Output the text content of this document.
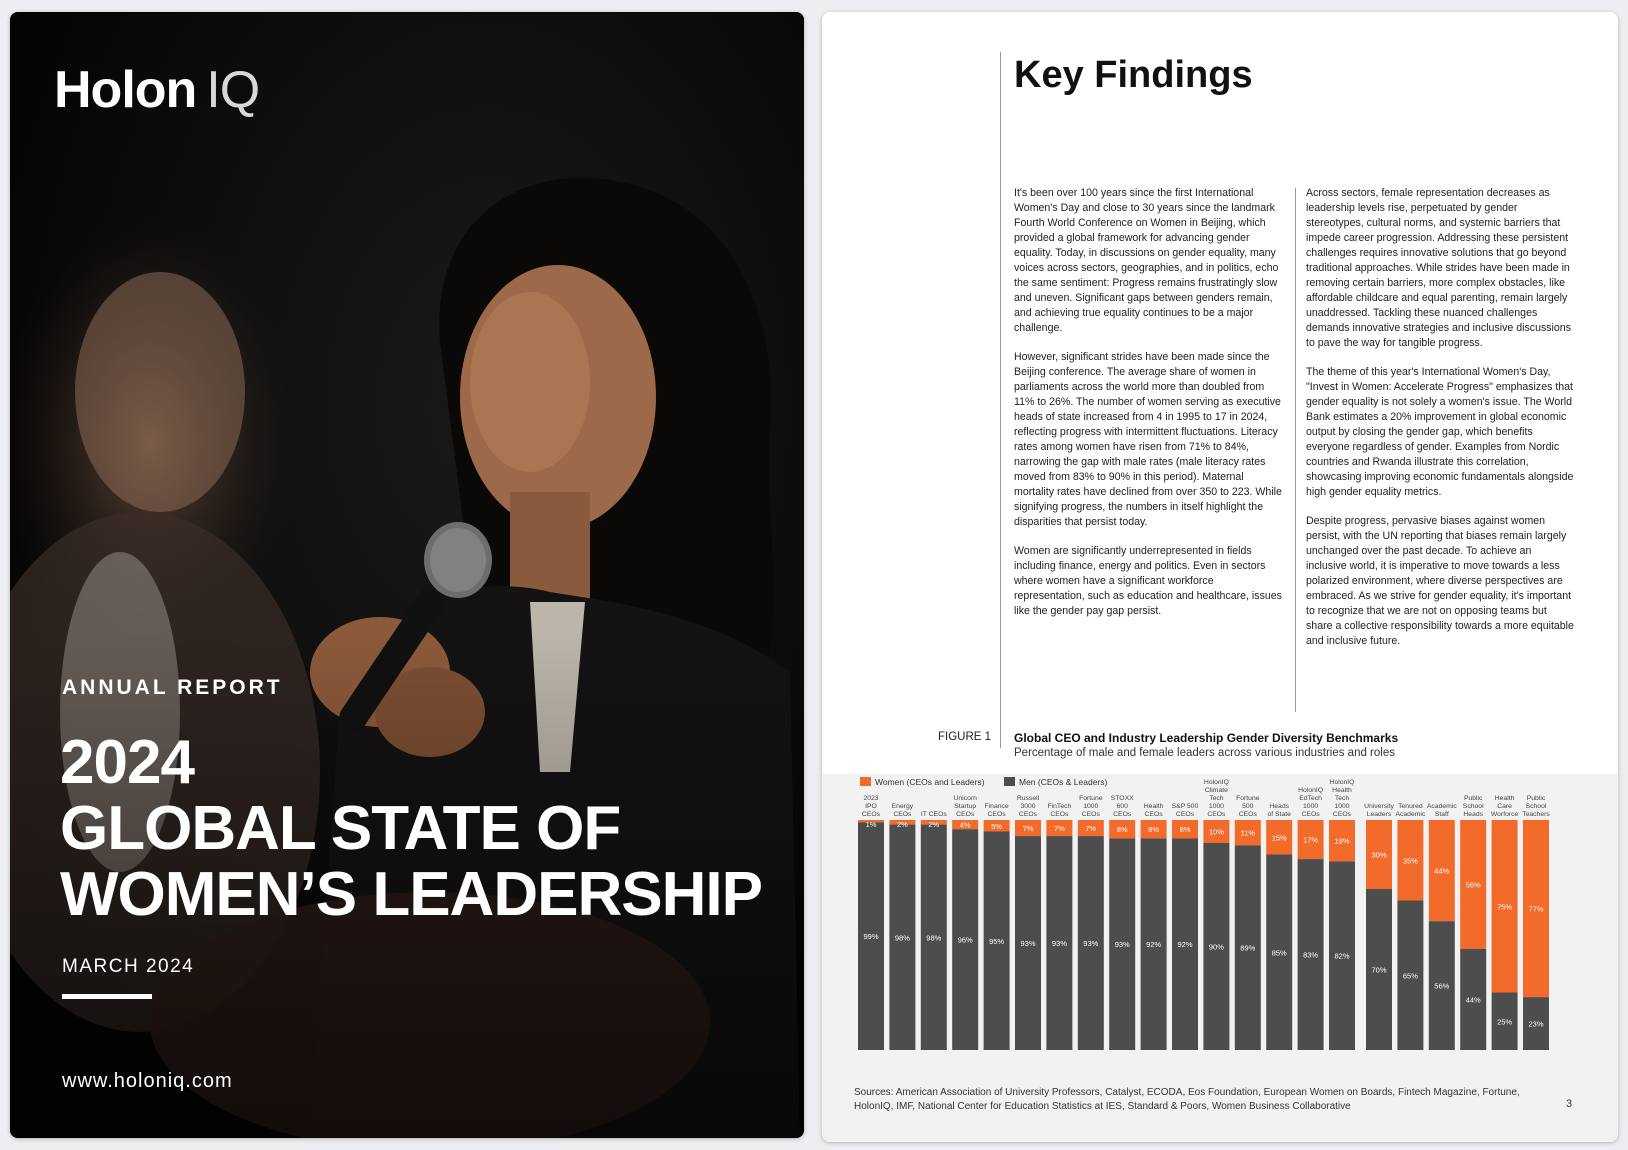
Holon IQ
ANNUAL REPORT
2024
GLOBAL STATE OF
WOMEN’S LEADERSHIP
MARCH 2024
www.holoniq.com
Key Findings

It's been over 100 years since the first International Women's Day and close to 30 years since the landmark Fourth World Conference on Women in Beijing, which provided a global framework for advancing gender equality. Today, in discussions on gender equality, many voices across sectors, geographies, and in politics, echo the same sentiment: Progress remains frustratingly slow and uneven. Significant gaps between genders remain, and achieving true equality continues to be a major challenge.

However, significant strides have been made since the Beijing conference. The average share of women in parliaments across the world more than doubled from 11% to 26%. The number of women serving as executive heads of state increased from 4 in 1995 to 17 in 2024, reflecting progress with intermittent fluctuations. Literacy rates among women have risen from 71% to 84%, narrowing the gap with male rates (male literacy rates moved from 83% to 90% in this period). Maternal mortality rates have declined from over 350 to 223. While signifying progress, the numbers in itself highlight the disparities that persist today.

Women are significantly underrepresented in fields including finance, energy and politics. Even in sectors where women have a significant workforce representation, such as education and healthcare, issues like the gender pay gap persist.

Across sectors, female representation decreases as leadership levels rise, perpetuated by gender stereotypes, cultural norms, and systemic barriers that impede career progression. Addressing these persistent challenges requires innovative solutions that go beyond traditional approaches. While strides have been made in removing certain barriers, more complex obstacles, like affordable childcare and equal parenting, remain largely unaddressed. Tackling these nuanced challenges demands innovative strategies and inclusive discussions to pave the way for tangible progress.

The theme of this year's International Women's Day, "Invest in Women: Accelerate Progress" emphasizes that gender equality is not solely a women's issue. The World Bank estimates a 20% improvement in global economic output by closing the gender gap, which benefits everyone regardless of gender. Examples from Nordic countries and Rwanda illustrate this correlation, showcasing improving economic fundamentals alongside high gender equality metrics.

Despite progress, pervasive biases against women persist, with the UN reporting that biases remain largely unchanged over the past decade. To achieve an inclusive world, it is imperative to move towards a less polarized environment, where diverse perspectives are embraced. As we strive for gender equality, it's important to recognize that we are not on opposing teams but share a collective responsibility towards a more equitable and inclusive future.

FIGURE 1 Global CEO and Industry Leadership Gender Diversity Benchmarks
Percentage of male and female leaders across various industries and roles
Women (CEOs and Leaders)	Men (CEOs & Leaders)
1%
99%
2023
IPO
CEOs
2%
98%
Energy
CEOs
2%
98%
IT CEOs
4%
96%
Unicorn
Startup
CEOs
5%
95%
Finance
CEOs
7%
93%
Russell
3000
CEOs
7%
93%
FinTech
CEOs
7%
93%
Fortune
1000
CEOs
8%
93%
STOXX
600
CEOs
8%
92%
Health
CEOs
8%
92%
S&P 500
CEOs
10%
90%
HolonIQ
Climate
Tech
1000
CEOs
11%
89%
Fortune
500
CEOs
15%
85%
Heads
of State
17%
83%
HolonIQ
EdTech
1000
CEOs
18%
82%
HolonIQ
Health
Tech
1000
CEOs
30%
70%
University
Leaders
35%
65%
Tenured
Academic
44%
56%
Academic
Staff
56%
44%
Public
School
Heads
75%
25%
Health
Care
Worforce
77%
23%
Public
School
Teachers
Sources: American Association of University Professors, Catalyst, ECODA, Eos Foundation, European Women on Boards, Fintech Magazine, Fortune, HolonIQ, IMF, National Center for Education Statistics at IES, Standard & Poors, Women Business Collaborative	3
